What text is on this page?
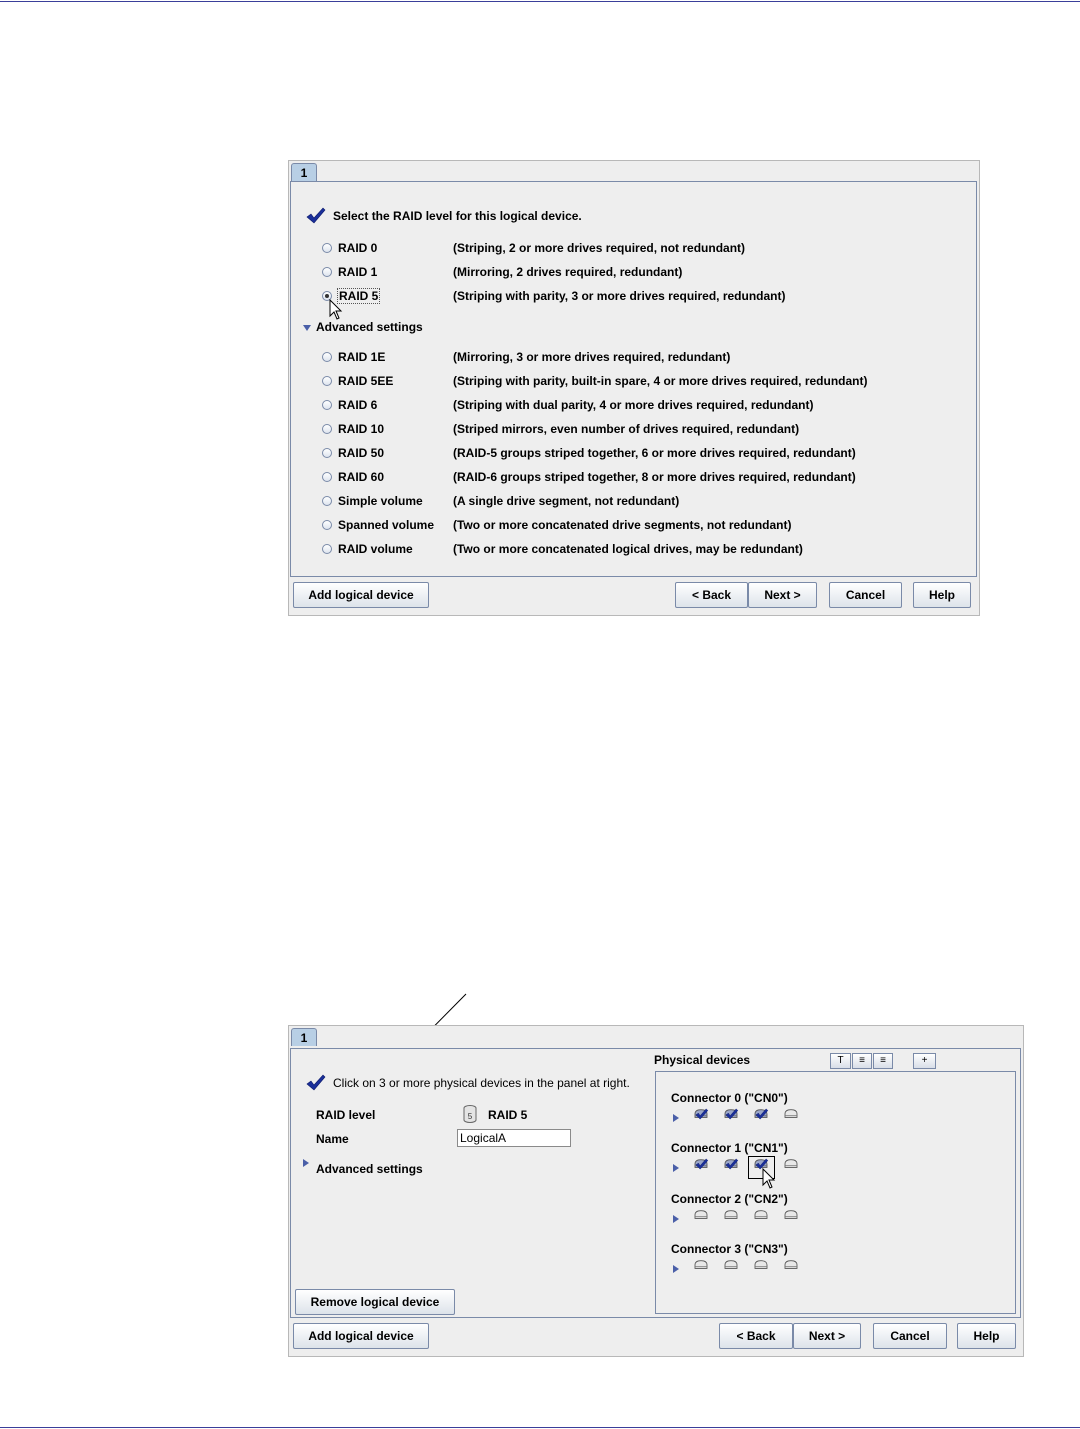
1
Select the RAID level for this logical device.
RAID 0	(Striping, 2 or more drives required, not redundant)
RAID 1	(Mirroring, 2 drives required, redundant)
RAID 5	(Striping with parity, 3 or more drives required, redundant)
Advanced settings
RAID 1E	(Mirroring, 3 or more drives required, redundant)
RAID 5EE	(Striping with parity, built-in spare, 4 or more drives required, redundant)
RAID 6	(Striping with dual parity, 4 or more drives required, redundant)
RAID 10	(Striped mirrors, even number of drives required, redundant)
RAID 50	(RAID-5 groups striped together, 6 or more drives required, redundant)
RAID 60	(RAID-6 groups striped together, 8 or more drives required, redundant)
Simple volume	(A single drive segment, not redundant)
Spanned volume (Two or more concatenated drive segments, not redundant)
RAID volume	(Two or more concatenated logical drives, may be redundant)
Add logical device	< Back	Next >	Cancel	Help
1
Click on 3 or more physical devices in the panel at right.
RAID level	5 RAID 5
Name
LogicalA
Advanced settings
Remove logical device
Physical devices	T	≡	≡	+
Connector 0 ("CN0")
Connector 1 ("CN1")
Connector 2 ("CN2")
Connector 3 ("CN3")
Add logical device	< Back	Next >	Cancel	Help
